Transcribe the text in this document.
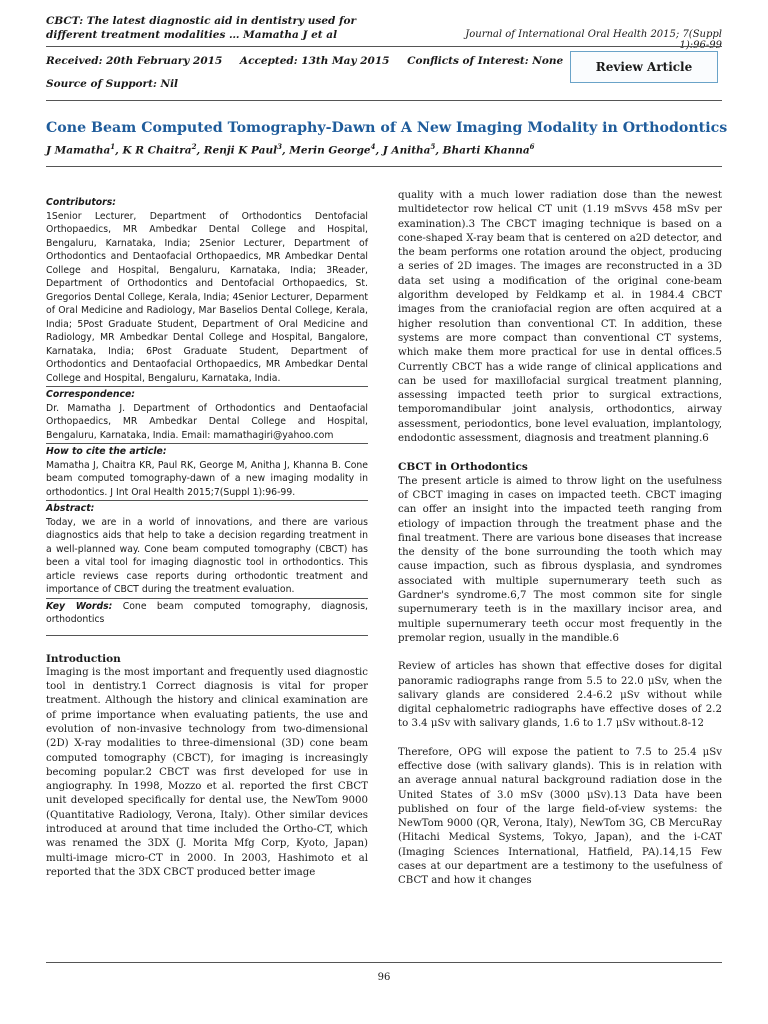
CBCT: The latest diagnostic aid in dentistry used for different treatment modalities … Mamatha J et al	Journal of International Oral Health 2015; 7(Suppl 1):96-99
Received: 20th February 2015 Accepted: 13th May 2015 Conflicts of Interest: None
Source of Support: Nil
Review Article
Cone Beam Computed Tomography-Dawn of A New Imaging Modality in Orthodontics
J Mamatha$^1$, K R Chaitra$^2$, Renji K Paul$^3$, Merin George$^4$, J Anitha$^5$, Bharti Khanna$^6$
Contributors:

1Senior Lecturer, Department of Orthodontics Dentofacial Orthopaedics, MR Ambedkar Dental College and Hospital, Bengaluru, Karnataka, India; 2Senior Lecturer, Department of Orthodontics and Dentaofacial Orthopaedics, MR Ambedkar Dental College and Hospital, Bengaluru, Karnataka, India; 3Reader, Department of Orthodontics and Dentofacial Orthopaedics, St. Gregorios Dental College, Kerala, India; 4Senior Lecturer, Deparment of Oral Medicine and Radiology, Mar Baselios Dental College, Kerala, India; 5Post Graduate Student, Department of Oral Medicine and Radiology, MR Ambedkar Dental College and Hospital, Bangalore, Karnataka, India; 6Post Graduate Student, Department of Orthodontics and Dentaofacial Orthopaedics, MR Ambedkar Dental College and Hospital, Bengaluru, Karnataka, India.

Correspondence:

Dr. Mamatha J. Department of Orthodontics and Dentaofacial Orthopaedics, MR Ambedkar Dental College and Hospital, Bengaluru, Karnataka, India. Email: mamathagiri@yahoo.com

How to cite the article:

Mamatha J, Chaitra KR, Paul RK, George M, Anitha J, Khanna B. Cone beam computed tomography-dawn of a new imaging modality in orthodontics. J Int Oral Health 2015;7(Suppl 1):96-99.

Abstract:

Today, we are in a world of innovations, and there are various diagnostics aids that help to take a decision regarding treatment in a well-planned way. Cone beam computed tomography (CBCT) has been a vital tool for imaging diagnostic tool in orthodontics. This article reviews case reports during orthodontic treatment and importance of CBCT during the treatment evaluation.

Key Words: Cone beam computed tomography, diagnosis, orthodontics

Introduction

Imaging is the most important and frequently used diagnostic tool in dentistry.1 Correct diagnosis is vital for proper treatment. Although the history and clinical examination are of prime importance when evaluating patients, the use and evolution of non-invasive technology from two-dimensional (2D) X-ray modalities to three-dimensional (3D) cone beam computed tomography (CBCT), for imaging is increasingly becoming popular.2 CBCT was first developed for use in angiography. In 1998, Mozzo et al. reported the first CBCT unit developed specifically for dental use, the NewTom 9000 (Quantitative Radiology, Verona, Italy). Other similar devices introduced at around that time included the Ortho-CT, which was renamed the 3DX (J. Morita Mfg Corp, Kyoto, Japan) multi-image micro-CT in 2000. In 2003, Hashimoto et al reported that the 3DX CBCT produced better image

quality with a much lower radiation dose than the newest multidetector row helical CT unit (1.19 mSvvs 458 mSv per examination).3 The CBCT imaging technique is based on a cone-shaped X-ray beam that is centered on a2D detector, and the beam performs one rotation around the object, producing a series of 2D images. The images are reconstructed in a 3D data set using a modification of the original cone-beam algorithm developed by Feldkamp et al. in 1984.4 CBCT images from the craniofacial region are often acquired at a higher resolution than conventional CT. In addition, these systems are more compact than conventional CT systems, which make them more practical for use in dental offices.5 Currently CBCT has a wide range of clinical applications and can be used for maxillofacial surgical treatment planning, assessing impacted teeth prior to surgical extractions, temporomandibular joint analysis, orthodontics, airway assessment, periodontics, bone level evaluation, implantology, endodontic assessment, diagnosis and treatment planning.6

CBCT in Orthodontics

The present article is aimed to throw light on the usefulness of CBCT imaging in cases on impacted teeth. CBCT imaging can offer an insight into the impacted teeth ranging from etiology of impaction through the treatment phase and the final treatment. There are various bone diseases that increase the density of the bone surrounding the tooth which may cause impaction, such as fibrous dysplasia, and syndromes associated with multiple supernumerary teeth such as Gardner's syndrome.6,7 The most common site for single supernumerary teeth is in the maxillary incisor area, and multiple supernumerary teeth occur most frequently in the premolar region, usually in the mandible.6

Review of articles has shown that effective doses for digital panoramic radiographs range from 5.5 to 22.0 μSv, when the salivary glands are considered 2.4-6.2 μSv without while digital cephalometric radiographs have effective doses of 2.2 to 3.4 μSv with salivary glands, 1.6 to 1.7 μSv without.8-12

Therefore, OPG will expose the patient to 7.5 to 25.4 μSv effective dose (with salivary glands). This is in relation with an average annual natural background radiation dose in the United States of 3.0 mSv (3000 μSv).13 Data have been published on four of the large field-of-view systems: the NewTom 9000 (QR, Verona, Italy), NewTom 3G, CB MercuRay (Hitachi Medical Systems, Tokyo, Japan), and the i-CAT (Imaging Sciences International, Hatfield, PA).14,15 Few cases at our department are a testimony to the usefulness of CBCT and how it changes

96
